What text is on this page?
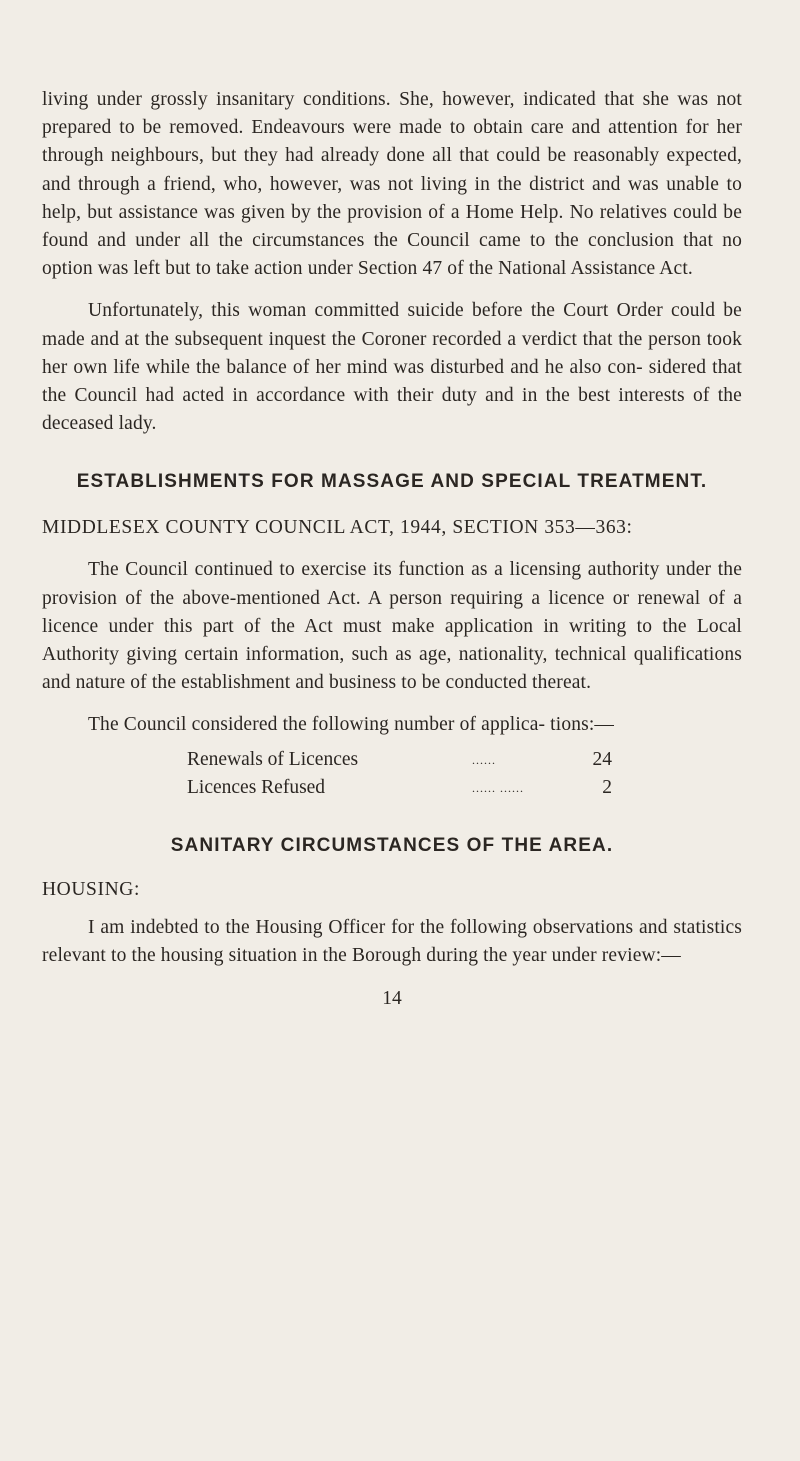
living under grossly insanitary conditions. She, however, indicated that she was not prepared to be removed. Endeavours were made to obtain care and attention for her through neighbours, but they had already done all that could be reasonably expected, and through a friend, who, however, was not living in the district and was unable to help, but assistance was given by the provision of a Home Help. No relatives could be found and under all the circumstances the Council came to the conclusion that no option was left but to take action under Section 47 of the National Assistance Act.

Unfortunately, this woman committed suicide before the Court Order could be made and at the subsequent inquest the Coroner recorded a verdict that the person took her own life while the balance of her mind was disturbed and he also con- sidered that the Council had acted in accordance with their duty and in the best interests of the deceased lady.

ESTABLISHMENTS FOR MASSAGE AND SPECIAL TREATMENT.

MIDDLESEX COUNTY COUNCIL ACT, 1944, SECTION 353—363:

The Council continued to exercise its function as a licensing authority under the provision of the above-mentioned Act. A person requiring a licence or renewal of a licence under this part of the Act must make application in writing to the Local Authority giving certain information, such as age, nationality, technical qualifications and nature of the establishment and business to be conducted thereat.

The Council considered the following number of applica- tions:—

Renewals of Licences	......	24
Licences Refused	...... ......	2
SANITARY CIRCUMSTANCES OF THE AREA.

HOUSING:

I am indebted to the Housing Officer for the following observations and statistics relevant to the housing situation in the Borough during the year under review:—

14
